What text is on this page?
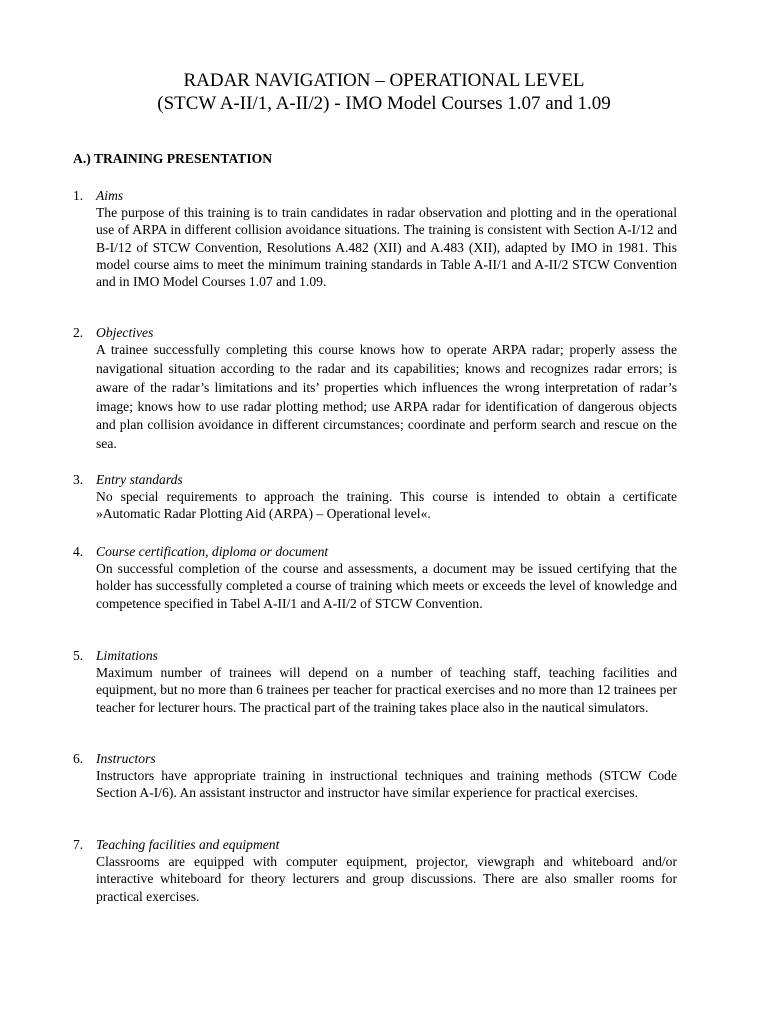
RADAR NAVIGATION – OPERATIONAL LEVEL
(STCW A-II/1, A-II/2) - IMO Model Courses 1.07 and 1.09
A.) TRAINING PRESENTATION
1. Aims
The purpose of this training is to train candidates in radar observation and plotting and in the operational use of ARPA in different collision avoidance situations. The training is consistent with Section A-I/12 and B-I/12 of STCW Convention, Resolutions A.482 (XII) and A.483 (XII), adapted by IMO in 1981. This model course aims to meet the minimum training standards in Table A-II/1 and A-II/2 STCW Convention and in IMO Model Courses 1.07 and 1.09.
2. Objectives
A trainee successfully completing this course knows how to operate ARPA radar; properly assess the navigational situation according to the radar and its capabilities; knows and recognizes radar errors; is aware of the radar’s limitations and its’ properties which influences the wrong interpretation of radar’s image; knows how to use radar plotting method; use ARPA radar for identification of dangerous objects and plan collision avoidance in different circumstances; coordinate and perform search and rescue on the sea.
3. Entry standards
No special requirements to approach the training. This course is intended to obtain a certificate »Automatic Radar Plotting Aid (ARPA) – Operational level«.
4. Course certification, diploma or document
On successful completion of the course and assessments, a document may be issued certifying that the holder has successfully completed a course of training which meets or exceeds the level of knowledge and competence specified in Tabel A-II/1 and A-II/2 of STCW Convention.
5. Limitations
Maximum number of trainees will depend on a number of teaching staff, teaching facilities and equipment, but no more than 6 trainees per teacher for practical exercises and no more than 12 trainees per teacher for lecturer hours. The practical part of the training takes place also in the nautical simulators.
6. Instructors
Instructors have appropriate training in instructional techniques and training methods (STCW Code Section A-I/6). An assistant instructor and instructor have similar experience for practical exercises.
7. Teaching facilities and equipment
Classrooms are equipped with computer equipment, projector, viewgraph and whiteboard and/or interactive whiteboard for theory lecturers and group discussions. There are also smaller rooms for practical exercises.
